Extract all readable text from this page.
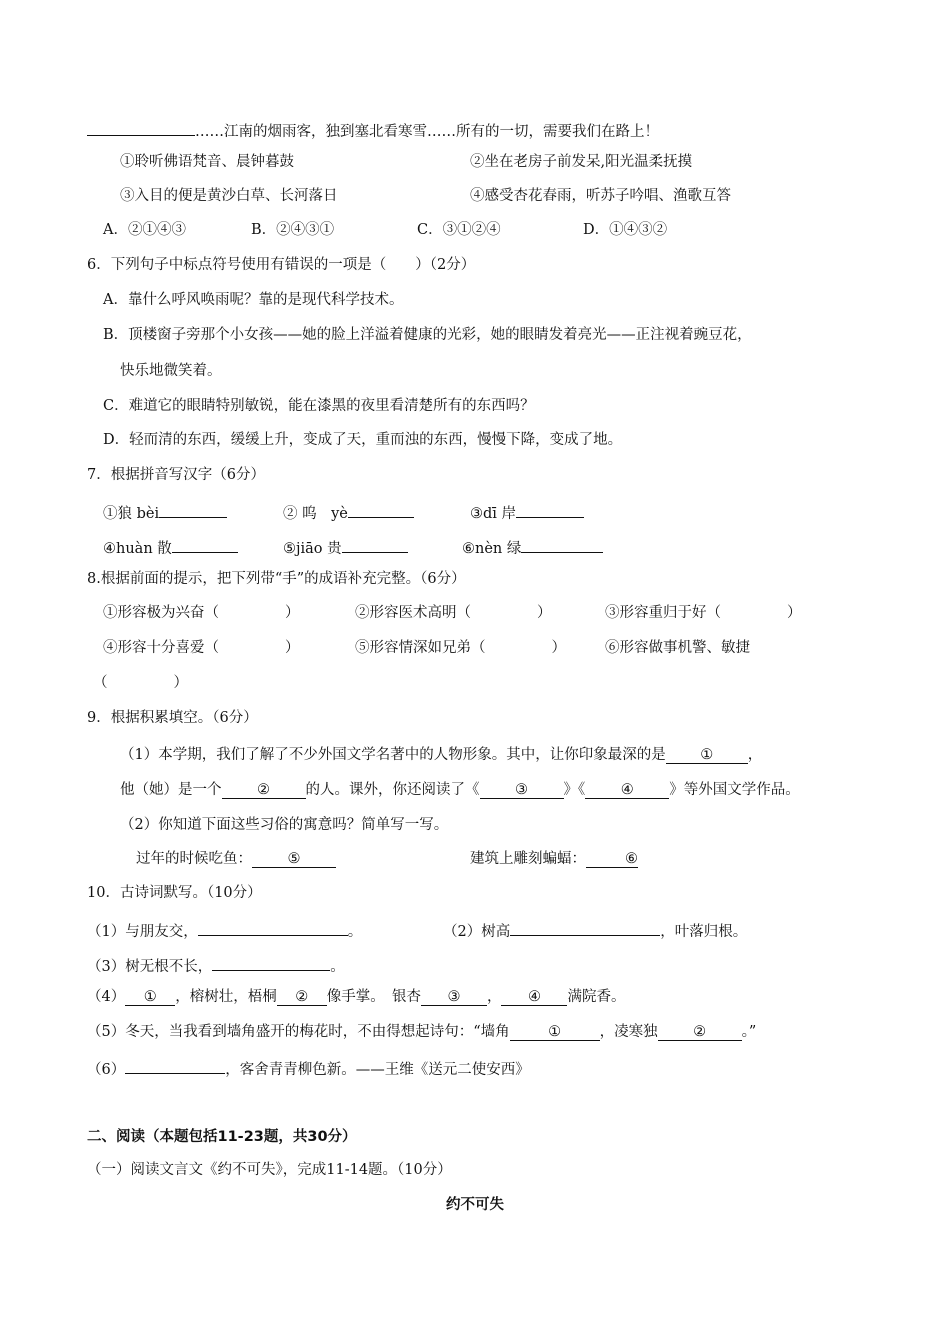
……江南的烟雨客，独到塞北看寒雪……所有的一切，需要我们在路上！
①聆听佛语梵音、晨钟暮鼓	②坐在老房子前发呆,阳光温柔抚摸
③入目的便是黄沙白草、长河落日	④感受杏花春雨，听苏子吟唱、渔歌互答
A．②①④③	B．②④③①	C．③①②④	D．①④③②
6．下列句子中标点符号使用有错误的一项是（　　）（2分）
A．靠什么呼风唤雨呢？靠的是现代科学技术。
B．顶楼窗子旁那个小女孩——她的脸上洋溢着健康的光彩，她的眼睛发着亮光——正注视着豌豆花，
快乐地微笑着。
C．难道它的眼睛特别敏锐，能在漆黑的夜里看清楚所有的东西吗？
D．轻而清的东西，缓缓上升，变成了天，重而浊的东西，慢慢下降，变成了地。
7．根据拼音写汉字（6分）
①狼 bèi	② 呜　yè	③dī 岸
④huàn 散	⑤jiāo 贵	⑥nèn 绿
8.根据前面的提示，把下列带“手”的成语补充完整。（6分）
①形容极为兴奋（	）	②形容医术高明（	）	③形容重归于好（	）
④形容十分喜爱（	）	⑤形容情深如兄弟（	）	⑥形容做事机警、敏捷
（	）
9．根据积累填空。（6分）
（1）本学期，我们了解了不少外国文学名著中的人物形象。其中，让你印象最深的是 ① ，
他（她）是一个 ② 的人。课外，你还阅读了《 ③ 》《 ④ 》等外国文学作品。
（2）你知道下面这些习俗的寓意吗？简单写一写。
过年的时候吃鱼： ⑤	建筑上雕刻蝙蝠：	⑥
10．古诗词默写。（10分）
（1）与朋友交，	。	（2）树高	，叶落归根。
（3）树无根不长，	。
（4） ① ，榕树壮，梧桐 ② 像手掌。　银杏 ③ ， ④ 满院香。
（5）冬天，当我看到墙角盛开的梅花时，不由得想起诗句：“墙角	①	，凌寒独 ② 。”
（6）	，客舍青青柳色新。——王维《送元二使安西》
二、阅读（本题包括11-23题，共30分）
（一）阅读文言文《约不可失》，完成11-14题。（10分）
约不可失
